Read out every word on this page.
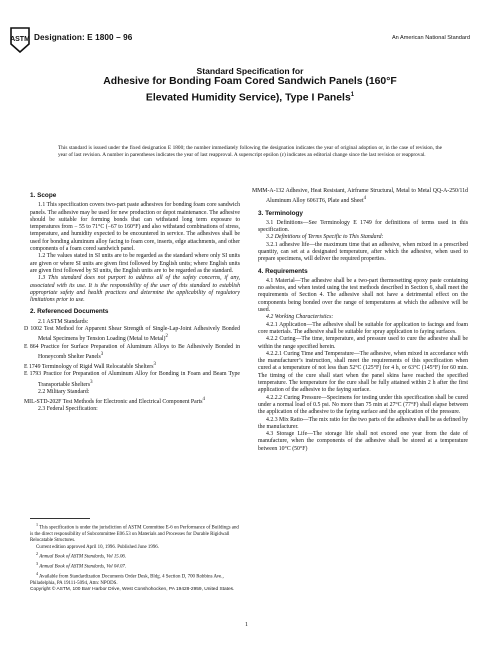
ASTM Designation: E 1800 – 96	An American National Standard
Standard Specification for
Adhesive for Bonding Foam Cored Sandwich Panels (160°F
Elevated Humidity Service), Type I Panels$^1$
This standard is issued under the fixed designation E 1800; the number immediately following the designation indicates the year of original adoption or, in the case of revision, the year of last revision. A number in parentheses indicates the year of last reapproval. A superscript epsilon (ε) indicates an editorial change since the last revision or reapproval.

1. Scope

1.1 This specification covers two-part paste adhesives for bonding foam core sandwich panels. The adhesive may be used for new production or depot maintenance. The adhesive should be suitable for forming bonds that can withstand long term exposure to temperatures from − 55 to 71°C (−67 to 160°F) and also withstand combinations of stress, temperature, and humidity expected to be encountered in service. The adhesives shall be used for bonding aluminum alloy facing to foam core, inserts, edge attachments, and other components of a foam cored sandwich panel.

1.2 The values stated in SI units are to be regarded as the standard where only SI units are given or where SI units are given first followed by English units; where English units are given first followed by SI units, the English units are to be regarded as the standard.

1.3 This standard does not purport to address all of the safety concerns, if any, associated with its use. It is the responsibility of the user of this standard to establish appropriate safety and health practices and determine the applicability of regulatory limitations prior to use.

2. Referenced Documents

2.1 ASTM Standards:

D 1002 Test Method for Apparent Shear Strength of Single-Lap-Joint Adhesively Bonded Metal Specimens by Tension Loading (Metal to Metal)$^2$

E 864 Practice for Surface Preparation of Aluminum Alloys to Be Adhesively Bonded in Honeycomb Shelter Panels$^3$

E 1749 Terminology of Rigid Wall Relocatable Shelters$^3$

E 1793 Practice for Preparation of Aluminum Alloy for Bonding in Foam and Beam Type Transportable Shelters$^3$

2.2 Military Standard:

MIL-STD-202F Test Methods for Electronic and Electrical Component Parts$^4$

2.3 Federal Specification:

$^1$ This specification is under the jurisdiction of ASTM Committee E-6 on Performance of Buildings and is the direct responsibility of Subcommittee E06.53 on Materials and Processes for Durable Rigidwall Relocatable Structures.

Current edition approved April 10, 1996. Published June 1996.

$^2$ Annual Book of ASTM Standards, Vol 15.06.

$^3$ Annual Book of ASTM Standards, Vol 04.07.

$^4$ Available from Standardization Documents Order Desk, Bldg. 4 Section D, 700 Robbins Ave., Philadelphia, PA 19111-5094, Attn: NPODS.

MMM-A-132 Adhesive, Heat Resistant, Airframe Structural, Metal to Metal QQ-A-250/11d Aluminum Alloy 6061T6, Plate and Sheet$^4$

3. Terminology

3.1 Definitions—See Terminology E 1749 for definitions of terms used in this specification.

3.2 Definitions of Terms Specific to This Standard:

3.2.1 adhesive life—the maximum time that an adhesive, when mixed in a prescribed quantity, can set at a designated temperature, after which the adhesive, when used to prepare specimens, will deliver the required properties.

4. Requirements

4.1 Material—The adhesive shall be a two-part thermosetting epoxy paste containing no asbestos, and when tested using the test methods described in Section 6, shall meet the requirements of Section 4. The adhesive shall not have a detrimental effect on the components being bonded over the range of temperatures at which the adhesive will be used.

4.2 Working Characteristics:

4.2.1 Application—The adhesive shall be suitable for application to facings and foam core materials. The adhesive shall be suitable for spray application to faying surfaces.

4.2.2 Curing—The time, temperature, and pressure used to cure the adhesive shall be within the range specified herein.

4.2.2.1 Curing Time and Temperature—The adhesive, when mixed in accordance with the manufacturer’s instruction, shall meet the requirements of this specification when cured at a temperature of not less than 52°C (125°F) for 4 h, or 63°C (145°F) for 60 min. The timing of the cure shall start when the panel skins have reached the specified temperature. The temperature for the cure shall be fully attained within 2 h after the first application of the adhesive to the faying surface.

4.2.2.2 Curing Pressure—Specimens for testing under this specification shall be cured under a normal load of 0.5 psi. No more than 75 min at 27°C (77°F) shall elapse between the application of the adhesive to the faying surface and the application of the pressure.

4.2.3 Mix Ratio—The mix ratio for the two parts of the adhesive shall be as defined by the manufacturer.

4.3 Storage Life—The storage life shall not exceed one year from the date of manufacture, when the components of the adhesive shall be stored at a temperature between 10°C (50°F)

Copyright © ASTM, 100 Barr Harbor Drive, West Conshohocken, PA 19428-2959, United States.
1
